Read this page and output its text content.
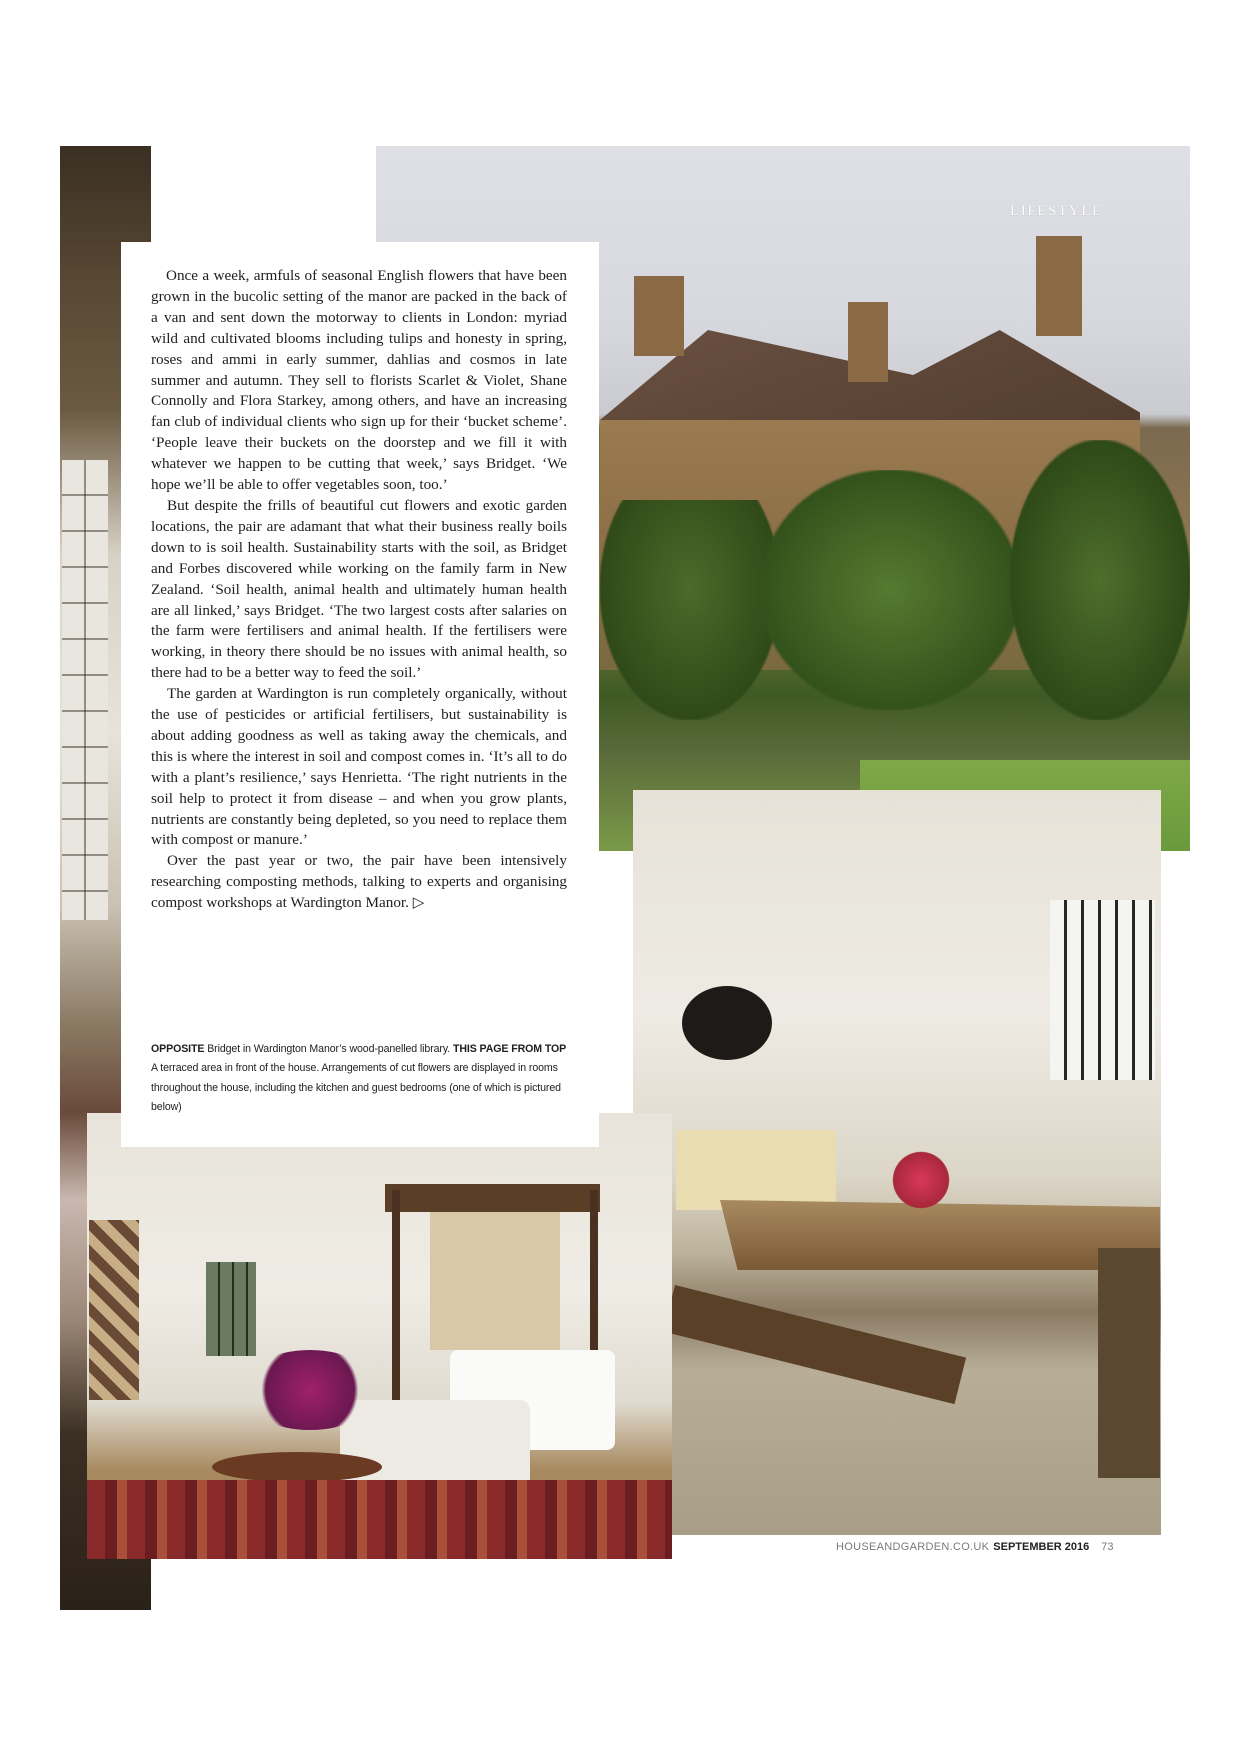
LIFESTYLE

Once a week, armfuls of seasonal English flowers that have been grown in the bucolic setting of the manor are packed in the back of a van and sent down the motorway to clients in London: myriad wild and cultivated blooms including tulips and honesty in spring, roses and ammi in early summer, dahlias and cosmos in late summer and autumn. They sell to florists Scarlet & Violet, Shane Connolly and Flora Starkey, among others, and have an increasing fan club of individual clients who sign up for their ‘bucket scheme’. ‘People leave their buckets on the doorstep and we fill it with whatever we happen to be cutting that week,’ says Bridget. ‘We hope we’ll be able to offer vegetables soon, too.’

But despite the frills of beautiful cut flowers and exotic garden locations, the pair are adamant that what their business really boils down to is soil health. Sustainability starts with the soil, as Bridget and Forbes discovered while working on the family farm in New Zealand. ‘Soil health, animal health and ultimately human health are all linked,’ says Bridget. ‘The two largest costs after salaries on the farm were fertilisers and animal health. If the fertilisers were working, in theory there should be no issues with animal health, so there had to be a better way to feed the soil.’

The garden at Wardington is run completely organically, without the use of pesticides or artificial fertilisers, but sustainability is about adding goodness as well as taking away the chemicals, and this is where the interest in soil and compost comes in. ‘It’s all to do with a plant’s resilience,’ says Henrietta. ‘The right nutrients in the soil help to protect it from disease – and when you grow plants, nutrients are constantly being depleted, so you need to replace them with compost or manure.’

Over the past year or two, the pair have been intensively researching composting methods, talking to experts and organising compost workshops at Wardington Manor. ▷

OPPOSITE Bridget in Wardington Manor’s wood-panelled library. THIS PAGE FROM TOP A terraced area in front of the house. Arrangements of cut flowers are displayed in rooms throughout the house, including the kitchen and guest bedrooms (one of which is pictured below)
HOUSEANDGARDEN.CO.UK SEPTEMBER 2016 73
